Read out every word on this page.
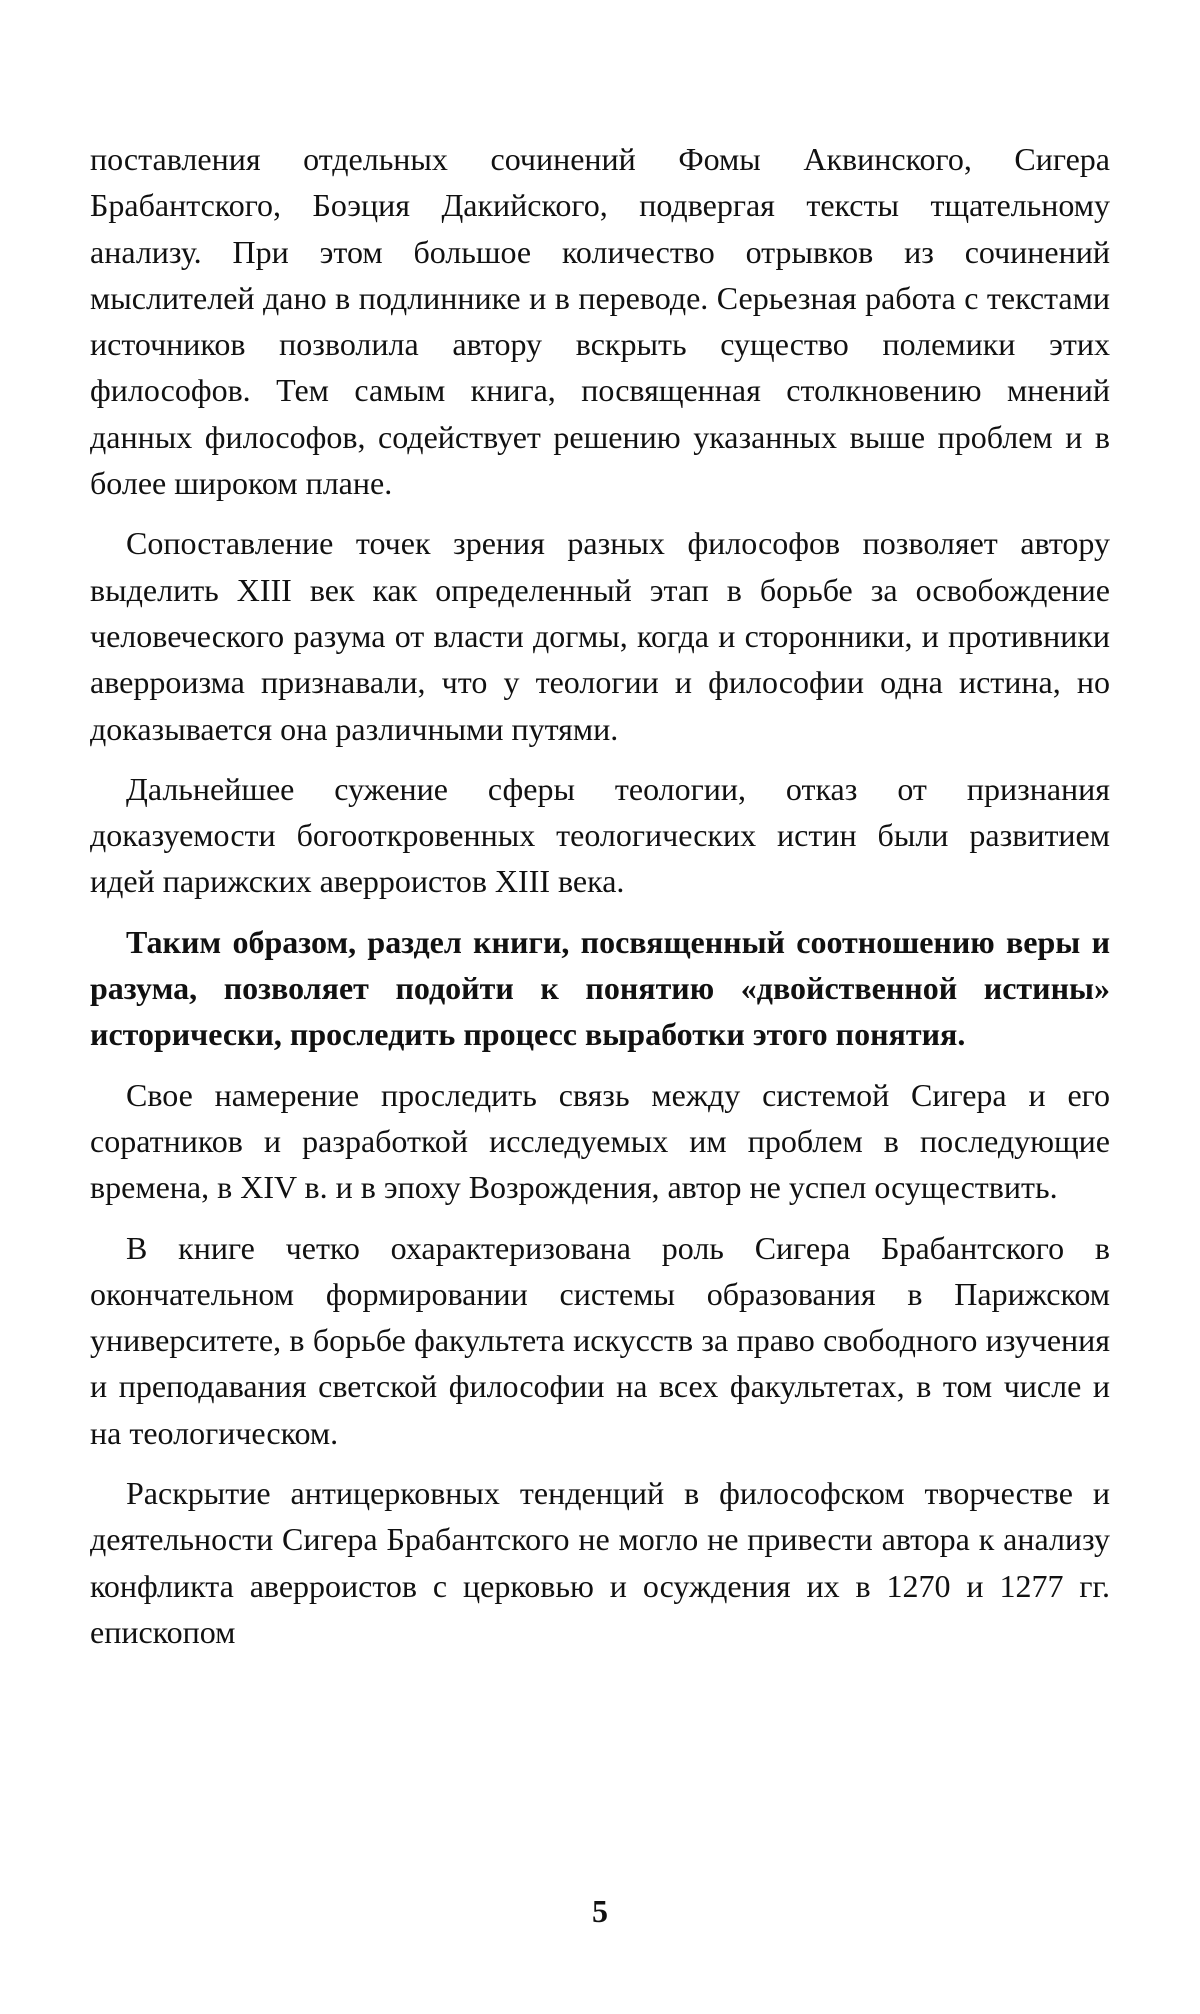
поставления отдельных сочинений Фомы Аквинского, Сигера Брабантского, Боэция Дакийского, подвергая тексты тщательному анализу. При этом большое количество отрывков из сочинений мыслителей дано в подлиннике и в переводе. Серьезная работа с текстами источников позволила автору вскрыть существо полемики этих философов. Тем самым книга, посвященная столкновению мнений данных философов, содействует решению указанных выше проблем и в более широком плане.

Сопоставление точек зрения разных философов позволяет автору выделить XIII век как определенный этап в борьбе за освобождение человеческого разума от власти догмы, когда и сторонники, и противники аверроизма признавали, что у теологии и философии одна истина, но доказывается она различными путями.

Дальнейшее сужение сферы теологии, отказ от признания доказуемости богооткровенных теологических истин были развитием идей парижских аверроистов XIII века.

Таким образом, раздел книги, посвященный соотношению веры и разума, позволяет подойти к понятию «двойственной истины» исторически, проследить процесс выработки этого понятия.

Свое намерение проследить связь между системой Сигера и его соратников и разработкой исследуемых им проблем в последующие времена, в XIV в. и в эпоху Возрождения, автор не успел осуществить.

В книге четко охарактеризована роль Сигера Брабантского в окончательном формировании системы образования в Парижском университете, в борьбе факультета искусств за право свободного изучения и преподавания светской философии на всех факультетах, в том числе и на теологическом.

Раскрытие антицерковных тенденций в философском творчестве и деятельности Сигера Брабантского не могло не привести автора к анализу конфликта аверроистов с церковью и осуждения их в 1270 и 1277 гг. епископом

5
